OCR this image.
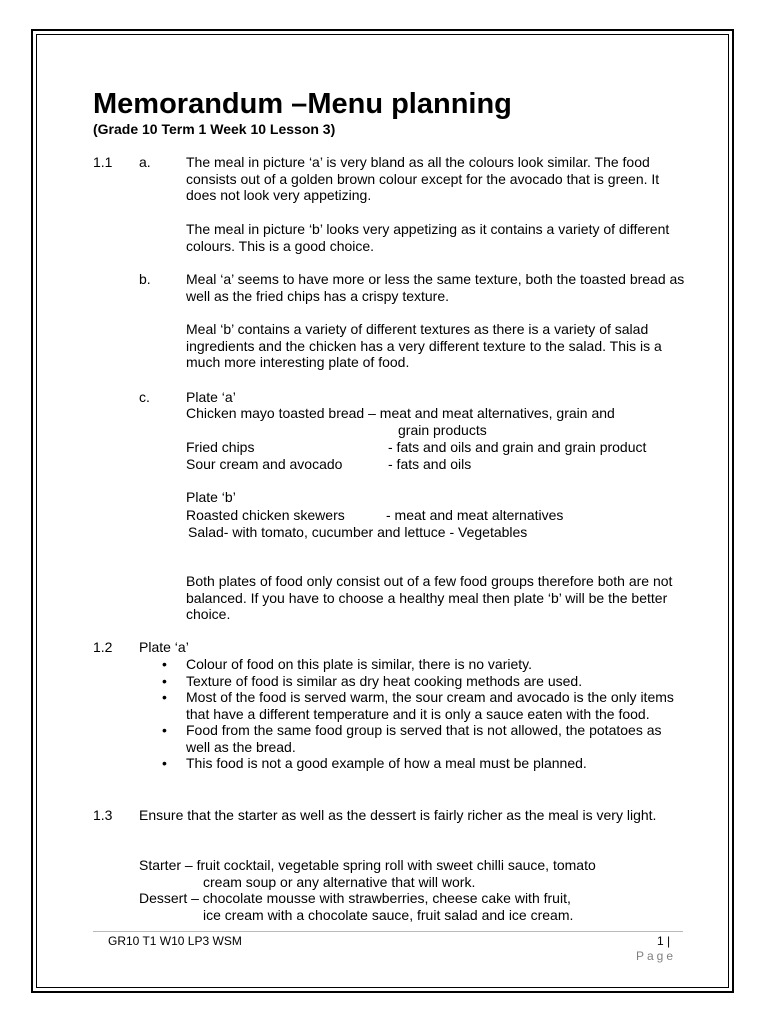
Memorandum –Menu planning
(Grade 10 Term 1 Week 10 Lesson 3)
1.1 a.	The meal in picture ‘a’ is very bland as all the colours look similar. The food consists out of a golden brown colour except for the avocado that is green. It does not look very appetizing.
The meal in picture ‘b’ looks very appetizing as it contains a variety of different colours. This is a good choice.
b.	Meal ‘a’ seems to have more or less the same texture, both the toasted bread as well as the fried chips has a crispy texture.
Meal ‘b’ contains a variety of different textures as there is a variety of salad ingredients and the chicken has a very different texture to the salad. This is a much more interesting plate of food.
c.	Plate ‘a’
Chicken mayo toasted bread – meat and meat alternatives, grain and
grain products
Fried chips	- fats and oils and grain and grain product
Sour cream and avocado	- fats and oils
Plate ‘b’
Roasted chicken skewers	- meat and meat alternatives
Salad- with tomato, cucumber and lettuce - Vegetables
Both plates of food only consist out of a few food groups therefore both are not balanced. If you have to choose a healthy meal then plate ‘b’ will be the better choice.
1.2 Plate ‘a’
• Colour of food on this plate is similar, there is no variety.
• Texture of food is similar as dry heat cooking methods are used.
• Most of the food is served warm, the sour cream and avocado is the only items that have a different temperature and it is only a sauce eaten with the food.
• Food from the same food group is served that is not allowed, the potatoes as well as the bread.
• This food is not a good example of how a meal must be planned.
1.3 Ensure that the starter as well as the dessert is fairly richer as the meal is very light.
Starter – fruit cocktail, vegetable spring roll with sweet chilli sauce, tomato
cream soup or any alternative that will work.
Dessert – chocolate mousse with strawberries, cheese cake with fruit,
ice cream with a chocolate sauce, fruit salad and ice cream.
GR10 T1 W10 LP3 WSM	1 |
Page
